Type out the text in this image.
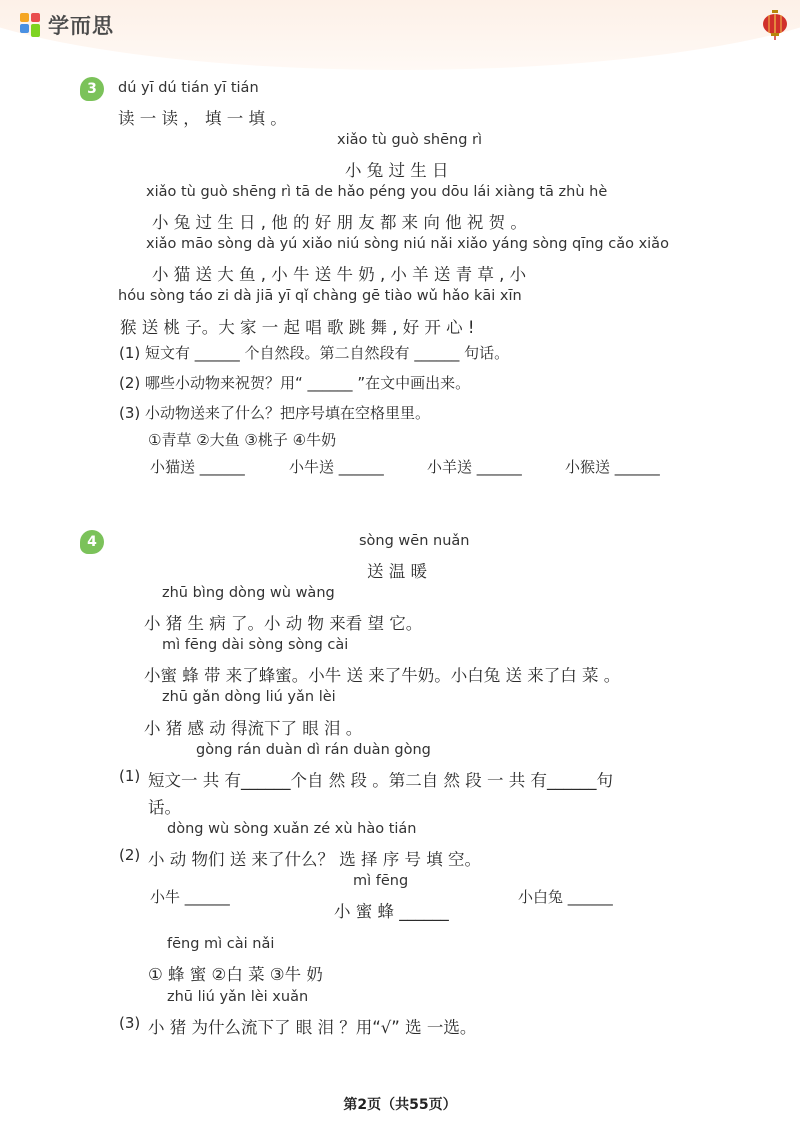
学而思
3	dú yī dú tián yī tián
读 一 读 ， 填 一 填 。
xiǎo tù guò shēng rì
小 兔 过 生 日
xiǎo tù guò shēng rì tā de hǎo péng you dōu lái xiàng tā zhù hè
小 兔 过 生 日 , 他 的 好 朋 友 都 来 向 他 祝 贺 。
xiǎo māo sòng dà yú xiǎo niú sòng niú nǎi xiǎo yáng sòng qīng cǎo xiǎo
小 猫 送 大 鱼 , 小 牛 送 牛 奶 , 小 羊 送 青 草 , 小
hóu sòng táo zi dà jiā yī qǐ chàng gē tiào wǔ hǎo kāi xīn
猴 送 桃 子。大 家 一 起 唱 歌 跳 舞 , 好 开 心 !
(1) 短文有 ______ 个自然段。第二自然段有 ______ 句话。
(2) 哪些小动物来祝贺？用“ ______ ”在文中画出来。
(3) 小动物送来了什么？把序号填在空格里里。
①青草 ②大鱼 ③桃子 ④牛奶
小猫送 ______	小牛送 ______	小羊送 ______	小猴送 ______
4	sòng wēn nuǎn
送 温 暖
zhū bìng dòng wù wàng
小 猪 生 病 了。小 动 物 来看 望 它。
mì fēng dài sòng sòng cài
小蜜 蜂 带 来了蜂蜜。小牛 送 来了牛奶。小白兔 送 来了白 菜 。
zhū gǎn dòng liú yǎn lèi
小 猪 感 动 得流下了 眼 泪 。
(1)
gòng rán duàn dì rán duàn gòng
短文一 共 有______个自 然 段 。第二自 然 段 一 共 有______句
话。
(2)
dòng wù sòng xuǎn zé xù hào tián
小 动 物们 送 来了什么？ 选 择 序 号 填 空。
小牛 ______
mì fēng
小 蜜 蜂 ______
小白兔 ______
fēng mì cài nǎi
① 蜂 蜜 ②白 菜 ③牛 奶
(3)
zhū liú yǎn lèi xuǎn
小 猪 为什么流下了 眼 泪 ？用“√” 选 一选。
第2页（共55页）
